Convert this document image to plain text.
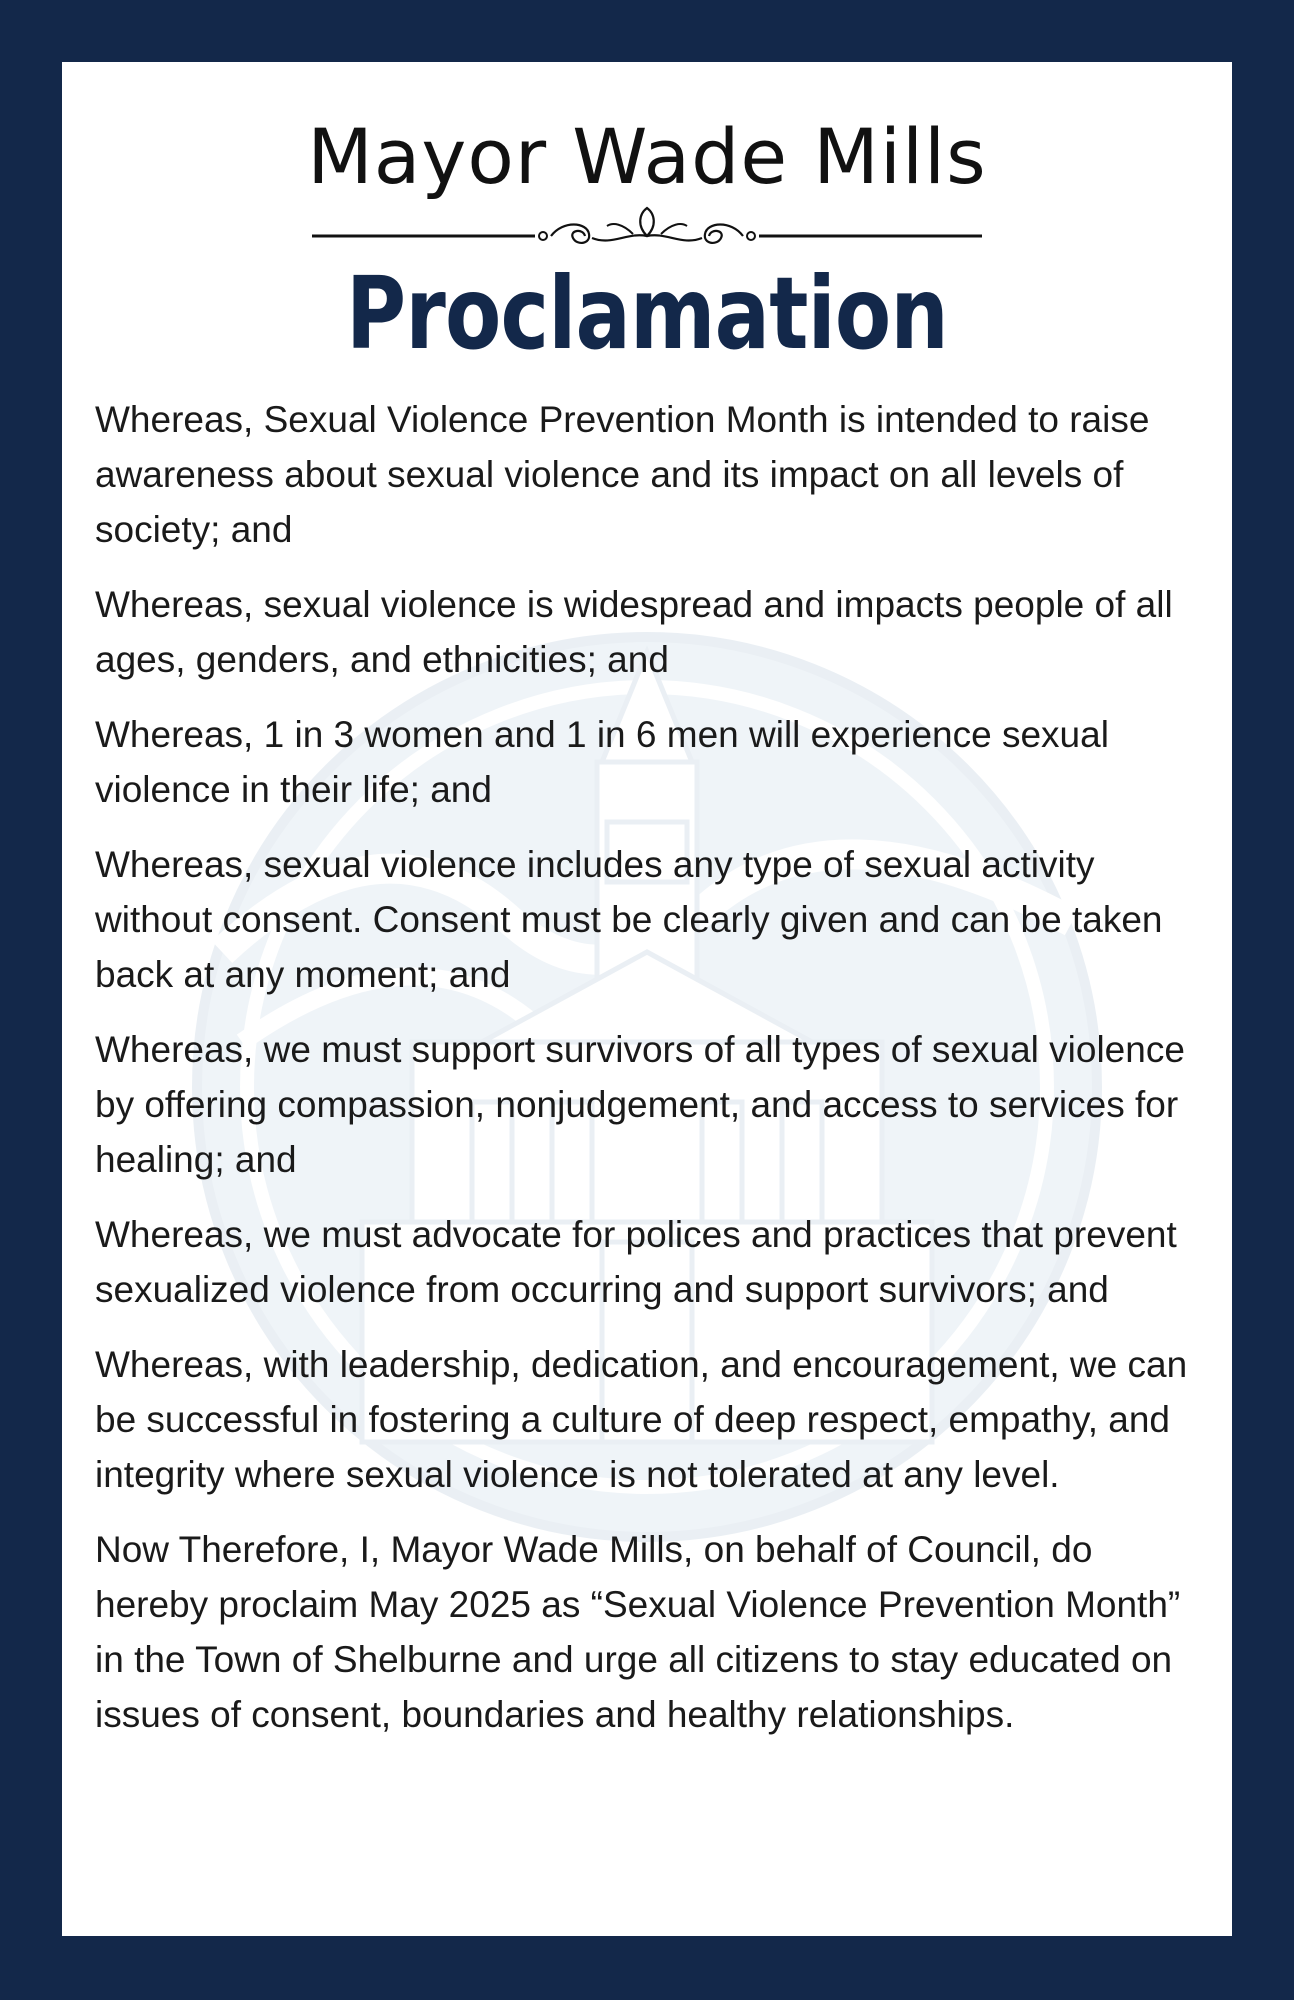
Mayor Wade Mills
Proclamation

Whereas, Sexual Violence Prevention Month is intended to raise awareness about sexual violence and its impact on all levels of society; and

Whereas, sexual violence is widespread and impacts people of all ages, genders, and ethnicities; and

Whereas, 1 in 3 women and 1 in 6 men will experience sexual violence in their life; and

Whereas, sexual violence includes any type of sexual activity without consent. Consent must be clearly given and can be taken back at any moment; and

Whereas, we must support survivors of all types of sexual violence by offering compassion, nonjudgement, and access to services for healing; and

Whereas, we must advocate for polices and practices that prevent sexualized violence from occurring and support survivors; and

Whereas, with leadership, dedication, and encouragement, we can be successful in fostering a culture of deep respect, empathy, and integrity where sexual violence is not tolerated at any level.

Now Therefore, I, Mayor Wade Mills, on behalf of Council, do hereby proclaim May 2025 as “Sexual Violence Prevention Month” in the Town of Shelburne and urge all citizens to stay educated on issues of consent, boundaries and healthy relationships.
